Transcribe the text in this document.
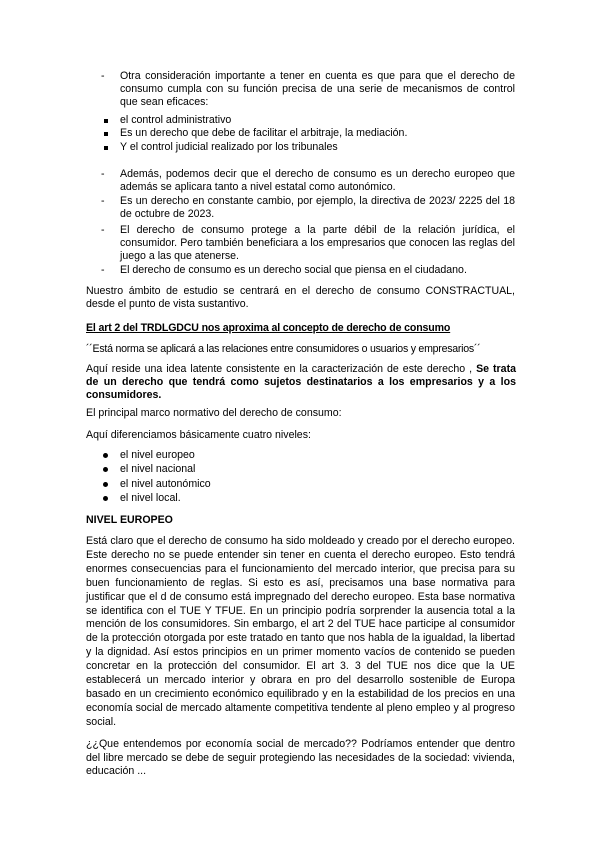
- Otra consideración importante a tener en cuenta es que para que el derecho de consumo cumpla con su función precisa de una serie de mecanismos de control que sean eficaces:
el control administrativo
Es un derecho que debe de facilitar el arbitraje, la mediación.
Y el control judicial realizado por los tribunales
- Además, podemos decir que el derecho de consumo es un derecho europeo que además se aplicara tanto a nivel estatal como autonómico.
- Es un derecho en constante cambio, por ejemplo, la directiva de 2023/ 2225 del 18 de octubre de 2023.
- El derecho de consumo protege a la parte débil de la relación jurídica, el consumidor. Pero también beneficiara a los empresarios que conocen las reglas del juego a las que atenerse.
- El derecho de consumo es un derecho social que piensa en el ciudadano.
Nuestro ámbito de estudio se centrará en el derecho de consumo CONSTRACTUAL, desde el punto de vista sustantivo.
El art 2 del TRDLGDCU nos aproxima al concepto de derecho de consumo
´´Está norma se aplicará a las relaciones entre consumidores o usuarios y empresarios´´
Aquí reside una idea latente consistente en la caracterización de este derecho , Se trata de un derecho que tendrá como sujetos destinatarios a los empresarios y a los consumidores.
El principal marco normativo del derecho de consumo:
Aquí diferenciamos básicamente cuatro niveles:
el nivel europeo
el nivel nacional
el nivel autonómico
el nivel local.
NIVEL EUROPEO
Está claro que el derecho de consumo ha sido moldeado y creado por el derecho europeo. Este derecho no se puede entender sin tener en cuenta el derecho europeo. Esto tendrá enormes consecuencias para el funcionamiento del mercado interior, que precisa para su buen funcionamiento de reglas. Si esto es así, precisamos una base normativa para justificar que el d de consumo está impregnado del derecho europeo. Esta base normativa se identifica con el TUE Y TFUE. En un principio podría sorprender la ausencia total a la mención de los consumidores. Sin embargo, el art 2 del TUE hace participe al consumidor de la protección otorgada por este tratado en tanto que nos habla de la igualdad, la libertad y la dignidad. Así estos principios en un primer momento vacíos de contenido se pueden concretar en la protección del consumidor. El art 3. 3 del TUE nos dice que la UE establecerá un mercado interior y obrara en pro del desarrollo sostenible de Europa basado en un crecimiento económico equilibrado y en la estabilidad de los precios en una economía social de mercado altamente competitiva tendente al pleno empleo y al progreso social.
¿¿Que entendemos por economía social de mercado?? Podríamos entender que dentro del libre mercado se debe de seguir protegiendo las necesidades de la sociedad: vivienda, educación ...
